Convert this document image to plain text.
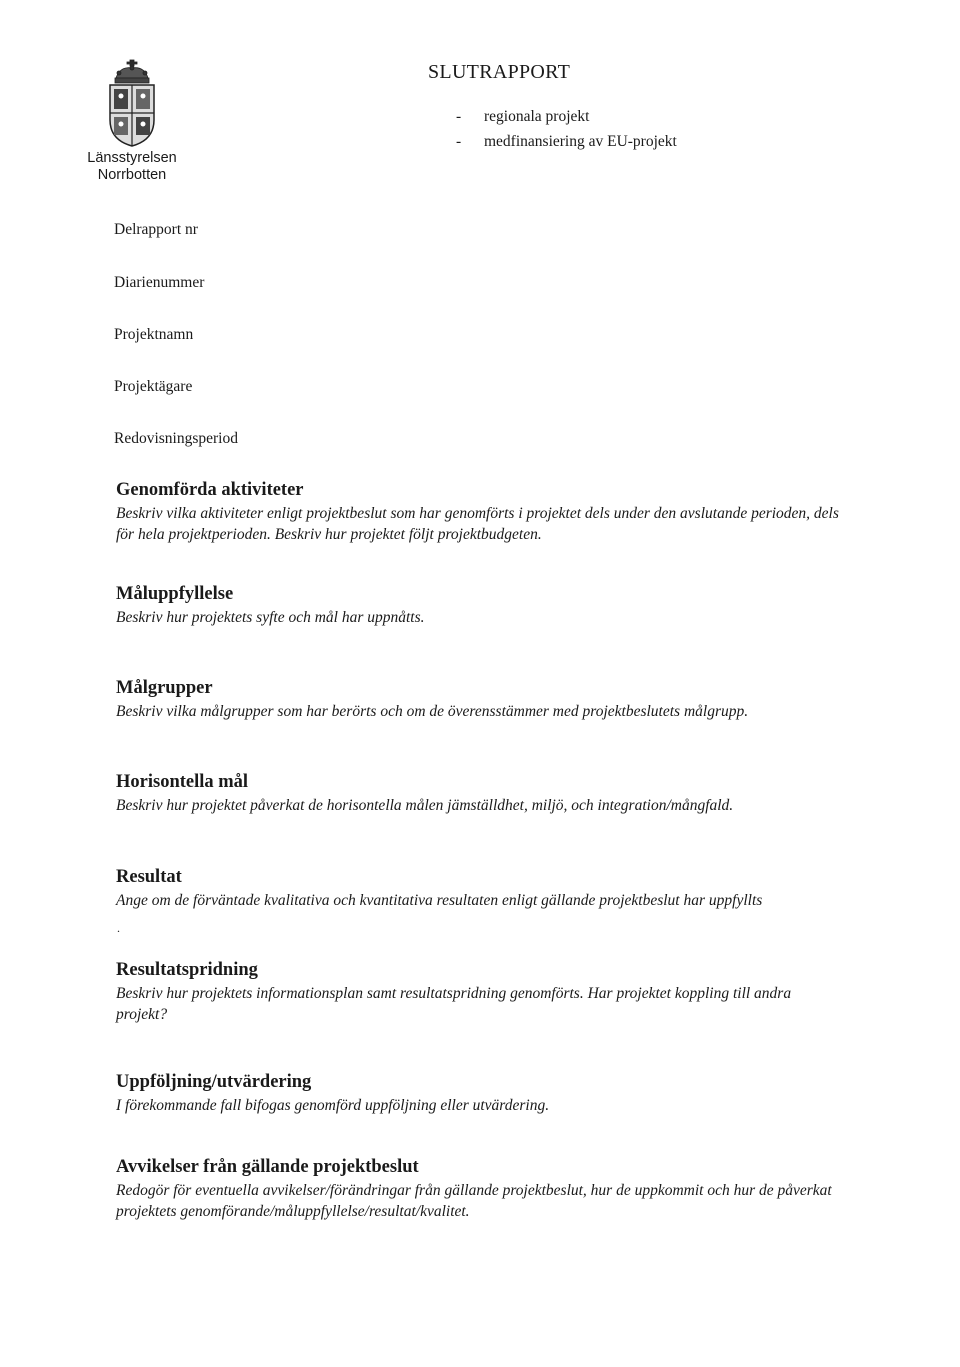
Länsstyrelsen
Norrbotten
SLUTRAPPORT
- regionala projekt
- medfinansiering av EU-projekt
Delrapport nr
Diarienummer
Projektnamn
Projektägare
Redovisningsperiod
Genomförda aktiviteter

Beskriv vilka aktiviteter enligt projektbeslut som har genomförts i projektet dels under den avslutande perioden, dels för hela projektperioden. Beskriv hur projektet följt projektbudgeten.

Måluppfyllelse

Beskriv hur projektets syfte och mål har uppnåtts.

Målgrupper

Beskriv vilka målgrupper som har berörts och om de överensstämmer med projektbeslutets målgrupp.

Horisontella mål

Beskriv hur projektet påverkat de horisontella målen jämställdhet, miljö, och integration/mångfald.

Resultat

Ange om de förväntade kvalitativa och kvantitativa resultaten enligt gällande projektbeslut har uppfyllts

.
Resultatspridning

Beskriv hur projektets informationsplan samt resultatspridning genomförts. Har projektet koppling till andra projekt?

Uppföljning/utvärdering

I förekommande fall bifogas genomförd uppföljning eller utvärdering.

Avvikelser från gällande projektbeslut

Redogör för eventuella avvikelser/förändringar från gällande projektbeslut, hur de uppkommit och hur de påverkat projektets genomförande/måluppfyllelse/resultat/kvalitet.
